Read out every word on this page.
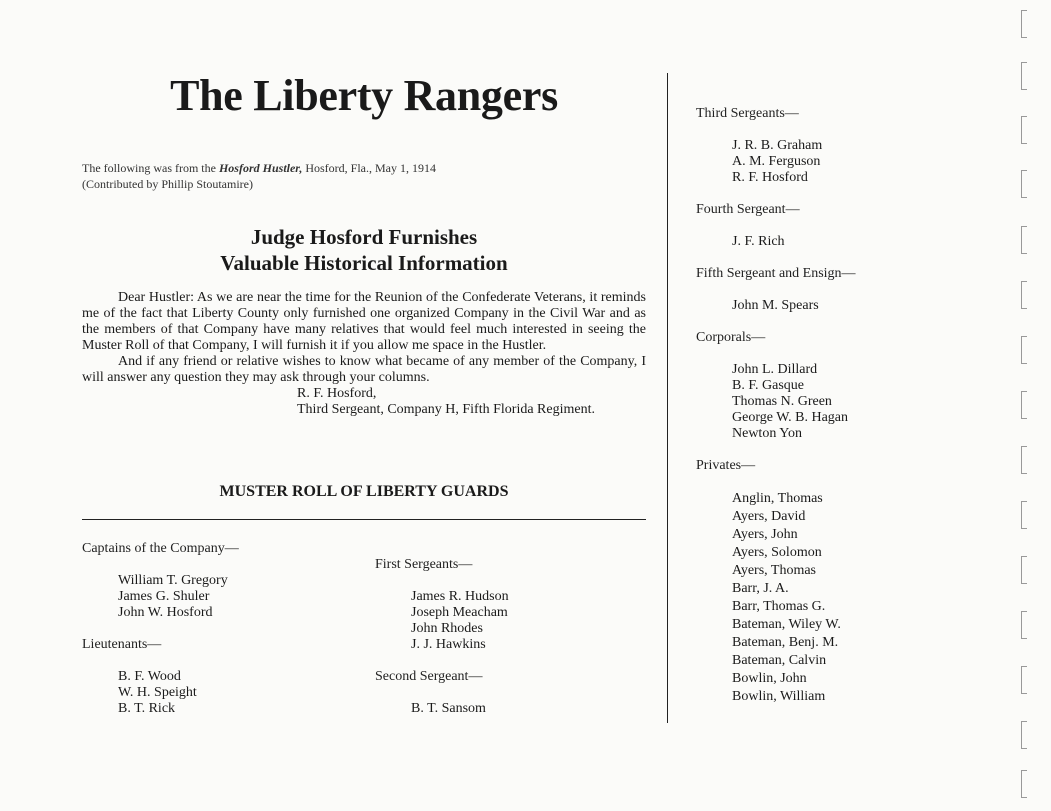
The Liberty Rangers
The following was from the Hosford Hustler, Hosford, Fla., May 1, 1914
(Contributed by Phillip Stoutamire)
Judge Hosford Furnishes
Valuable Historical Information

Dear Hustler: As we are near the time for the Reunion of the Confederate Veterans, it reminds me of the fact that Liberty County only furnished one organized Company in the Civil War and as the members of that Company have many relatives that would feel much interested in seeing the Muster Roll of that Company, I will furnish it if you allow me space in the Hustler.

And if any friend or relative wishes to know what became of any member of the Company, I will answer any question they may ask through your columns.

R. F. Hosford,

Third Sergeant, Company H, Fifth Florida Regiment.

MUSTER ROLL OF LIBERTY GUARDS
Captains of the Company—
William T. Gregory
James G. Shuler
John W. Hosford
Lieutenants—
B. F. Wood
W. H. Speight
B. T. Rick
First Sergeants—
James R. Hudson
Joseph Meacham
John Rhodes
J. J. Hawkins
Second Sergeant—
B. T. Sansom
Third Sergeants—
J. R. B. Graham
A. M. Ferguson
R. F. Hosford
Fourth Sergeant—
J. F. Rich
Fifth Sergeant and Ensign—
John M. Spears
Corporals—
John L. Dillard
B. F. Gasque
Thomas N. Green
George W. B. Hagan
Newton Yon
Privates—
Anglin, Thomas
Ayers, David
Ayers, John
Ayers, Solomon
Ayers, Thomas
Barr, J. A.
Barr, Thomas G.
Bateman, Wiley W.
Bateman, Benj. M.
Bateman, Calvin
Bowlin, John
Bowlin, William
